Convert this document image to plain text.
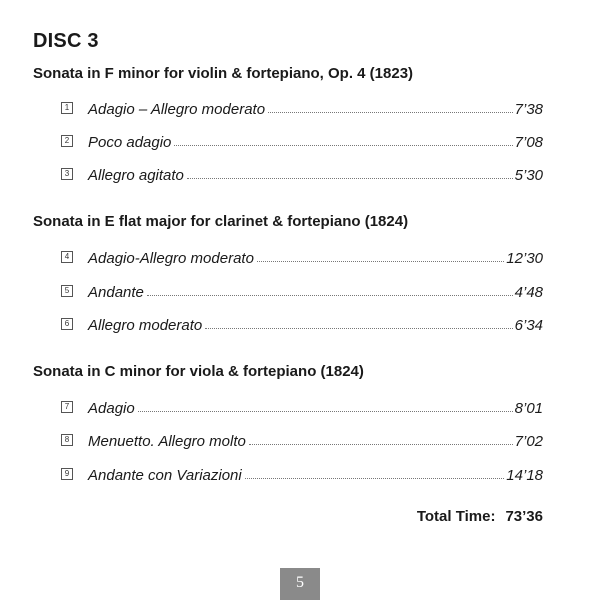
DISC 3
Sonata in F minor for violin & fortepiano, Op. 4 (1823)
1 Adagio – Allegro moderato	7’38
2 Poco adagio	7’08
3 Allegro agitato	5’30
Sonata in E flat major for clarinet & fortepiano (1824)
4 Adagio-Allegro moderato	12’30
5 Andante	4’48
6 Allegro moderato	6’34
Sonata in C minor for viola & fortepiano (1824)
7 Adagio	8’01
8 Menuetto. Allegro molto	7’02
9 Andante con Variazioni	14’18
Total Time: 73’36
5
